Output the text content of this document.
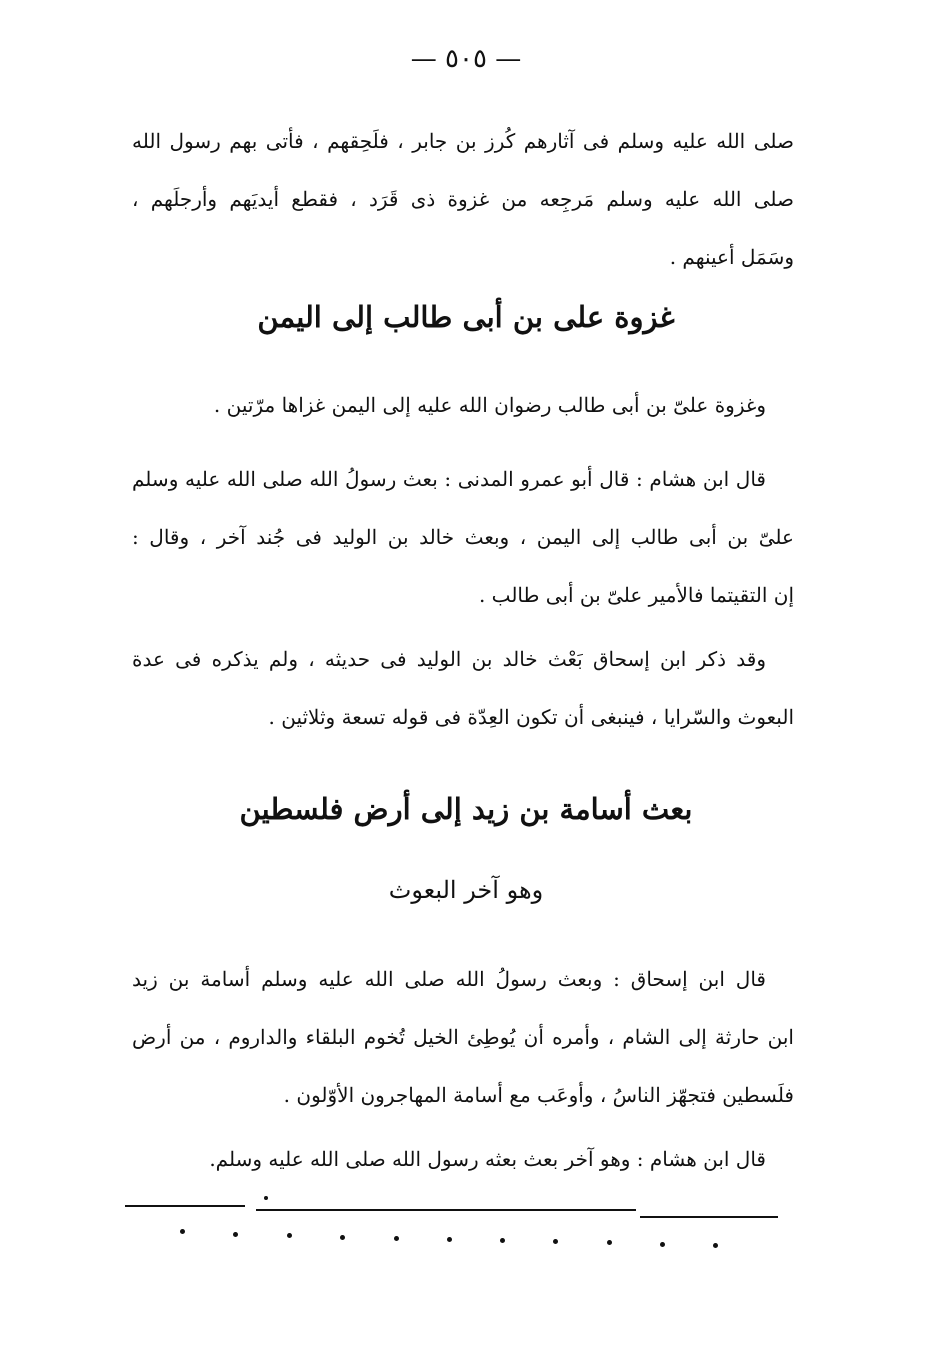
— ٥٠٥ —

صلى الله عليه وسلم فى آثارهم كُرز بن جابر ، فلَحِقهم ، فأتى بهم رسول الله
صلى الله عليه وسلم مَرجِعه من غزوة ذى قَرَد ، فقطع أيديَهم وأرجلَهم ،
وسَمَل أعينهم .

غزوة على بن أبى طالب إلى اليمن

وغزوة علىّ بن أبى طالب رضوان الله عليه إلى اليمن غزاها مرّتين .

قال ابن هشام : قال أبو عمرو المدنى : بعث رسولُ الله صلى الله عليه وسلم
علىّ بن أبى طالب إلى اليمن ، وبعث خالد بن الوليد فى جُند آخر ، وقال :
إن التقيتما فالأمير علىّ بن أبى طالب .

وقد ذكر ابن إسحاق بَعْث خالد بن الوليد فى حديثه ، ولم يذكره فى عدة
البعوث والسّرايا ، فينبغى أن تكون العِدّة فى قوله تسعة وثلاثين .

بعث أسامة بن زيد إلى أرض فلسطين
وهو آخر البعوث

قال ابن إسحاق : وبعث رسولُ الله صلى الله عليه وسلم أسامة بن زيد
ابن حارثة إلى الشام ، وأمره أن يُوطِئ الخيل تُخوم البلقاء والداروم ، من أرض
فلَسطين فتجهّز الناسُ ، وأوعَب مع أسامة المهاجرون الأوّلون .

قال ابن هشام : وهو آخر بعث بعثه رسول الله صلى الله عليه وسلم.
